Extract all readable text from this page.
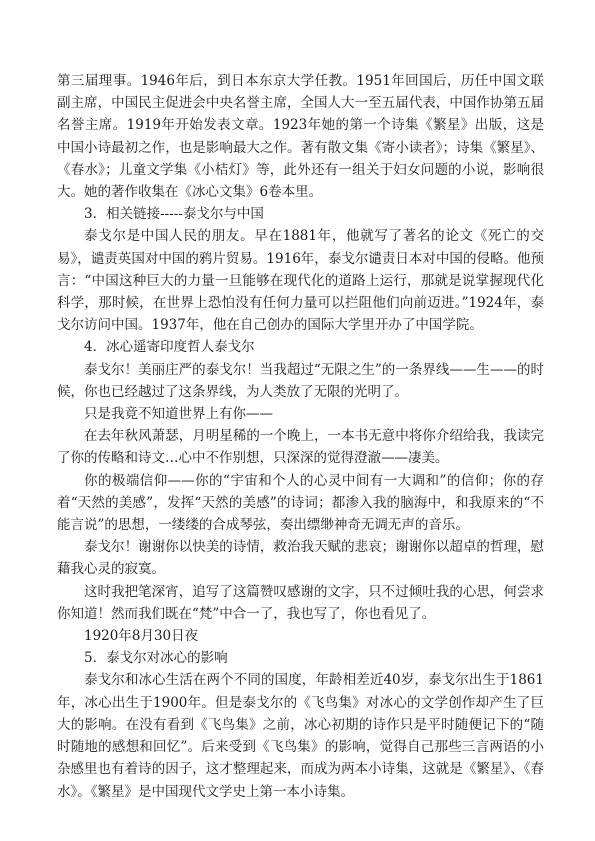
第三届理事。1946年后，到日本东京大学任教。1951年回国后，历任中国文联副主席，中国民主促进会中央名誉主席，全国人大一至五届代表，中国作协第五届名誉主席。1919年开始发表文章。1923年她的第一个诗集《繁星》出版，这是中国小诗最初之作，也是影响最大之作。著有散文集《寄小读者》；诗集《繁星》、《春水》；儿童文学集《小桔灯》等，此外还有一组关于妇女问题的小说，影响很大。她的著作收集在《冰心文集》6卷本里。

3．相关链接-----泰戈尔与中国

泰戈尔是中国人民的朋友。早在1881年，他就写了著名的论文《死亡的交易》，谴责英国对中国的鸦片贸易。1916年，泰戈尔谴责日本对中国的侵略。他预言：“中国这种巨大的力量一旦能够在现代化的道路上运行，那就是说掌握现代化科学，那时候，在世界上恐怕没有任何力量可以拦阻他们向前迈进。”1924年，泰戈尔访问中国。1937年，他在自己创办的国际大学里开办了中国学院。

4．冰心遥寄印度哲人泰戈尔

泰戈尔！美丽庄严的泰戈尔！当我超过“无限之生”的一条界线——生——的时候，你也已经越过了这条界线，为人类放了无限的光明了。

只是我竟不知道世界上有你——

在去年秋风萧瑟，月明星稀的一个晚上，一本书无意中将你介绍给我，我读完了你的传略和诗文…心中不作别想，只深深的觉得澄澈——凄美。

你的极端信仰——你的“宇宙和个人的心灵中间有一大调和”的信仰；你的存着“天然的美感”，发挥“天然的美感”的诗词；都渗入我的脑海中，和我原来的“不能言说”的思想，一缕缕的合成琴弦，奏出缥缈神奇无调无声的音乐。

泰戈尔！谢谢你以快美的诗情，救治我天赋的悲哀；谢谢你以超卓的哲理，慰藉我心灵的寂寞。

这时我把笔深宵，追写了这篇赞叹感谢的文字，只不过倾吐我的心思，何尝求你知道！然而我们既在“梵”中合一了，我也写了，你也看见了。

1920年8月30日夜

5．泰戈尔对冰心的影响

泰戈尔和冰心生活在两个不同的国度，年龄相差近40岁，泰戈尔出生于1861年，冰心出生于1900年。但是泰戈尔的《飞鸟集》对冰心的文学创作却产生了巨大的影响。在没有看到《飞鸟集》之前，冰心初期的诗作只是平时随便记下的“随时随地的感想和回忆”。后来受到《飞鸟集》的影响，觉得自己那些三言两语的小杂感里也有着诗的因子，这才整理起来，而成为两本小诗集，这就是《繁星》、《春水》。《繁星》是中国现代文学史上第一本小诗集。
